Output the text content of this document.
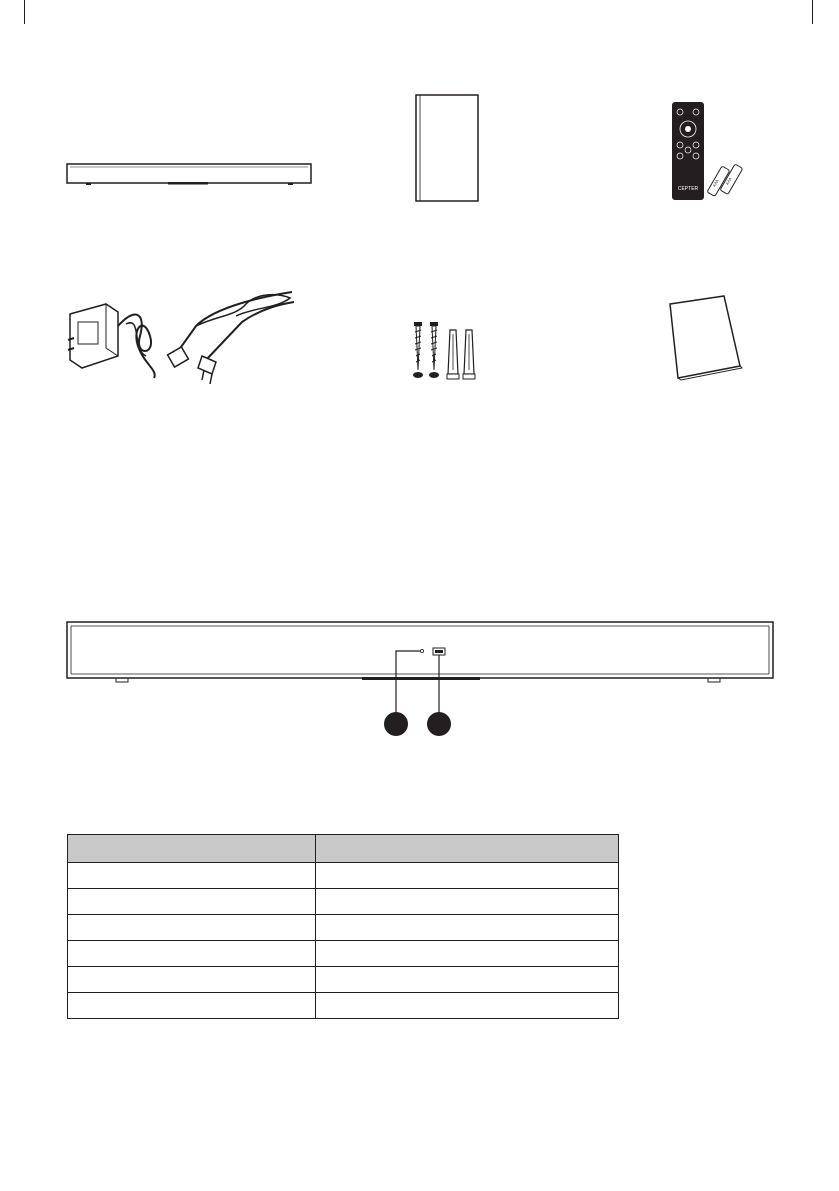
CEPTER
AAA AAA
